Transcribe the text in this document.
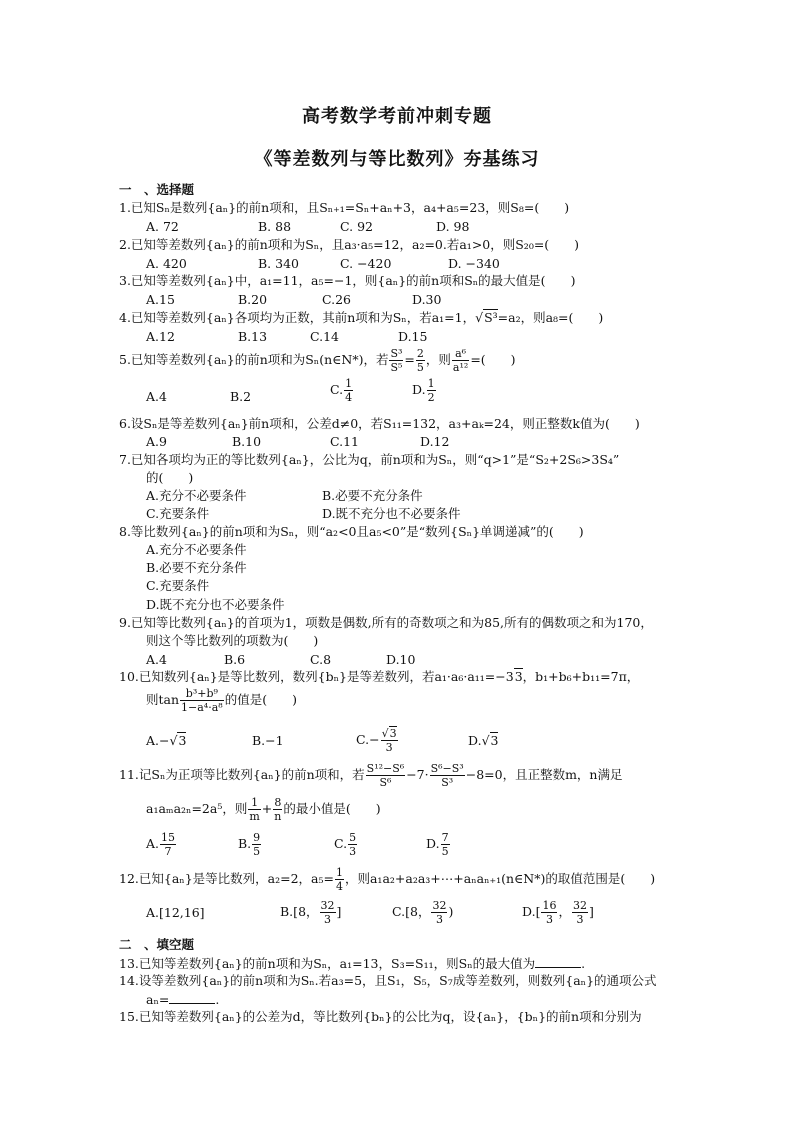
高考数学考前冲刺专题
《等差数列与等比数列》夯基练习
一　、选择题
1.已知Sₙ是数列{aₙ}的前n项和，且Sₙ₊₁=Sₙ+aₙ+3，a₄+a₅=23，则S₈=(　　)
A. 72	B. 88	C. 92	D. 98
2.已知等差数列{aₙ}的前n项和为Sₙ，且a₃·a₅=12，a₂=0.若a₁>0，则S₂₀=(　　)
A. 420	B. 340	C. −420	D. −340
3.已知等差数列{aₙ}中，a₁=11，a₅=−1，则{aₙ}的前n项和Sₙ的最大值是(　　)
A.15	B.20	C.26	D.30
4.已知等差数列{aₙ}各项均为正数，其前n项和为Sₙ，若a₁=1，√S³=a₂，则a₈=(　　)
A.12	B.13	C.14	D.15
5.已知等差数列{aₙ}的前n项和为Sₙ(n∈N*)，若 $\frac{\text{S³}}{\text{S⁵}} = \frac{2}{5}$ ，则 $\frac{\text{a⁶}}{\text{a¹²}}$ =(　　)
A.4	B.2	C. $\frac{1}{4}$	D. $\frac{1}{2}$
6.设Sₙ是等差数列{aₙ}前n项和，公差d≠0，若S₁₁=132，a₃+aₖ=24，则正整数k值为(　　)
A.9	B.10	C.11	D.12
7.已知各项均为正的等比数列{aₙ}，公比为q，前n项和为Sₙ，则“q>1”是“S₂+2S₆>3S₄”
的(　　)
A.充分不必要条件	B.必要不充分条件
C.充要条件	D.既不充分也不必要条件
8.等比数列{aₙ}的前n项和为Sₙ，则“a₂<0且a₅<0”是“数列{Sₙ}单调递减”的(　　)
A.充分不必要条件
B.必要不充分条件
C.充要条件
D.既不充分也不必要条件
9.已知等比数列{aₙ}的首项为1，项数是偶数,所有的奇数项之和为85,所有的偶数项之和为170，
则这个等比数列的项数为(　　)
A.4	B.6	C.8	D.10
10.已知数列{aₙ}是等比数列，数列{bₙ}是等差数列，若a₁·a₆·a₁₁=−33，b₁+b₆+b₁₁=7π，
则$\tan \frac{\text{b³+b⁹}}{\text{1−a⁴·a⁸}}$ 的值是(　　)
A.−√3	B.−1	$C.- \frac{√3}{3}$	D.√3
11.记Sₙ为正项等比数列{aₙ}的前n项和，若 $\frac{\text{S¹²−S⁶}}{\text{S⁶}} -7\cdot \frac{\text{S⁶−S³}}{\text{S³}} -8=0$，且正整数m，n满足
a₁aₘa₂ₙ=2a⁵，则 $\frac{1}{m} + \frac{8}{n}$ 的最小值是(　　)
A. $\frac{15}{7}$	B. $\frac{9}{5}$	C. $\frac{5}{3}$	D. $\frac{7}{5}$
12.已知{aₙ}是等比数列，a₂=2，$a_5= \frac{1}{4}$ ，则a₁a₂+a₂a₃+⋯+aₙaₙ₊₁(n∈N*)的取值范围是(　　)
A.[12,16]	B.[8， $\frac{32}{3}$ ]	C.[8， $\frac{32}{3}$ )	$D.[ \frac{16}{3}$ ， $\frac{32}{3}$ ]
二　、填空题
13.已知等差数列{aₙ}的前n项和为Sₙ，a₁=13，S₃=S₁₁，则Sₙ的最大值为	.
14.设等差数列{aₙ}的前n项和为Sₙ.若a₃=5，且S₁，S₅，S₇成等差数列，则数列{aₙ}的通项公式
aₙ=	.
15.已知等差数列{aₙ}的公差为d，等比数列{bₙ}的公比为q，设{aₙ}，{bₙ}的前n项和分别为
